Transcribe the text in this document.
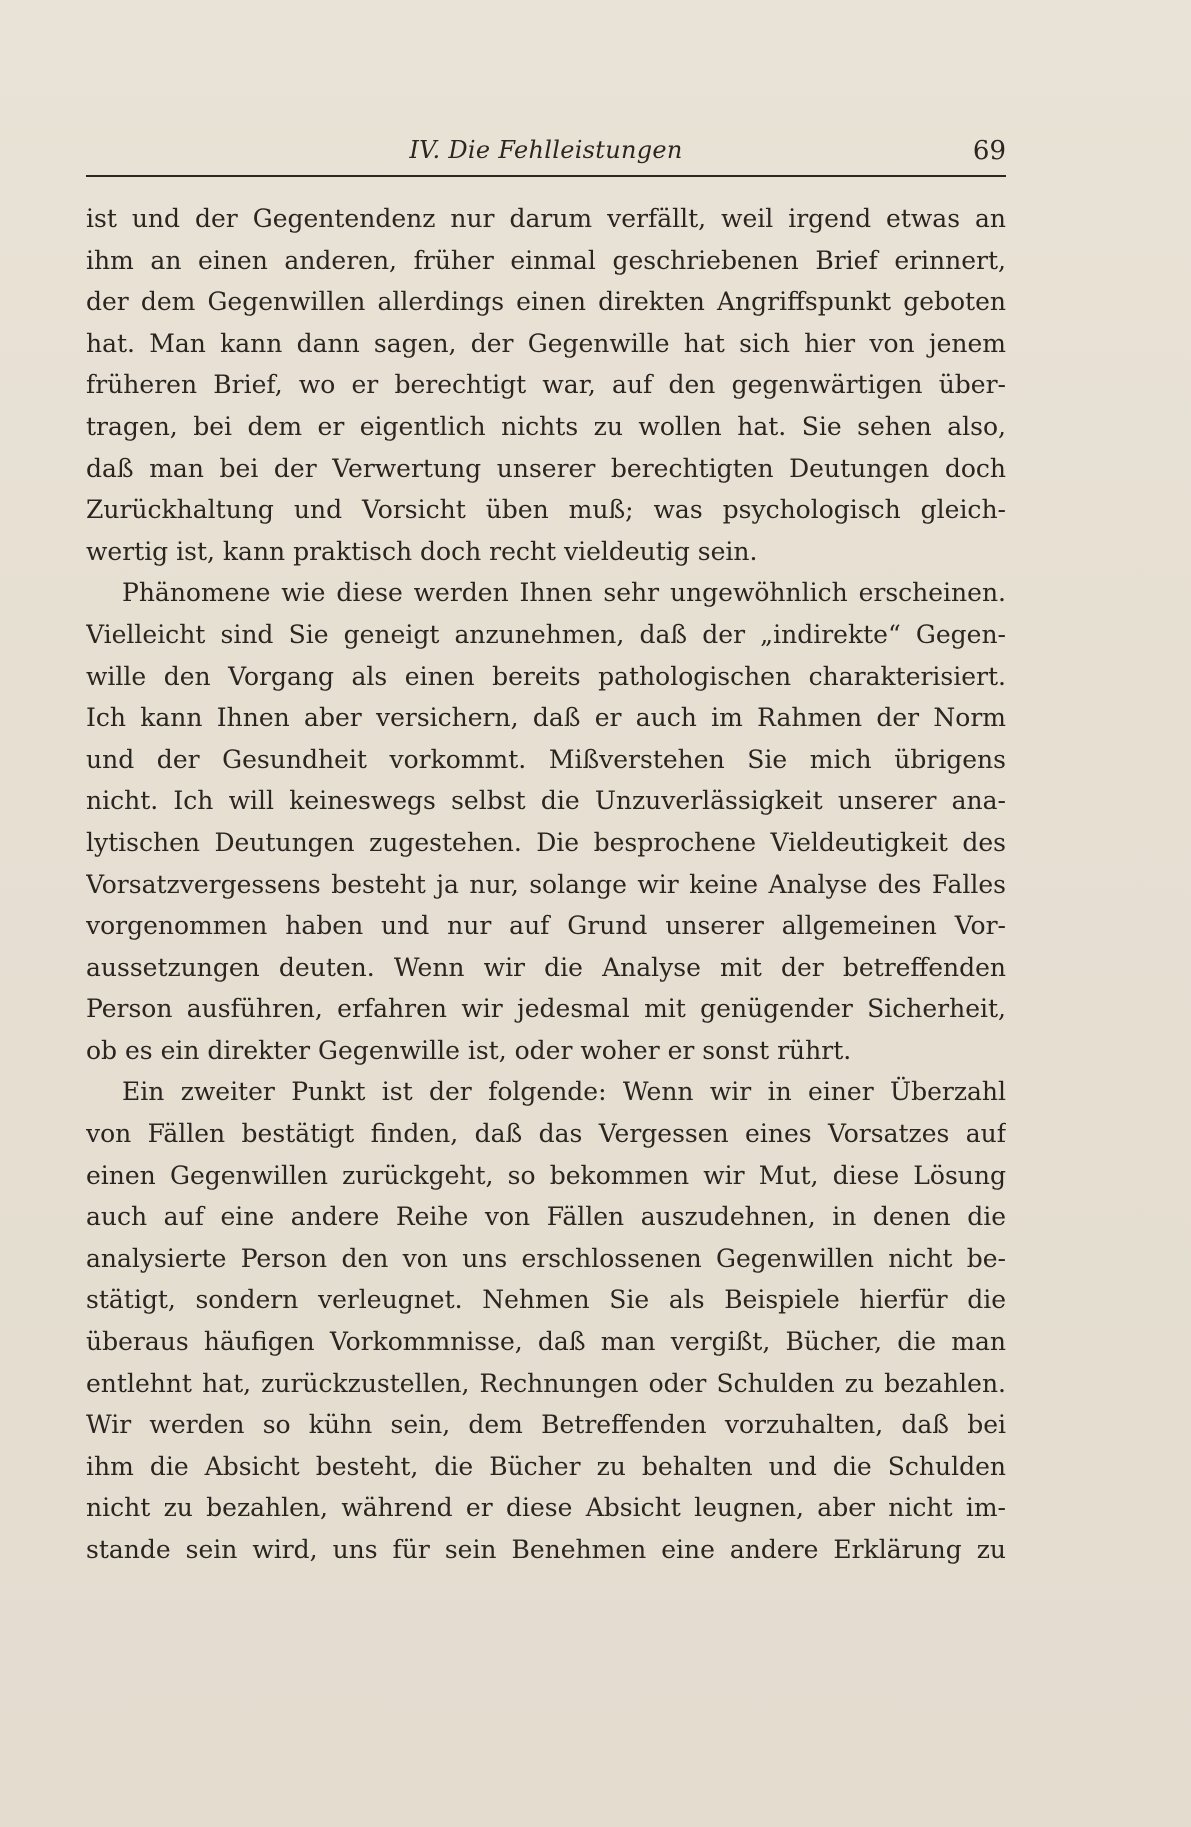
IV. Die Fehlleistungen	69
ist und der Gegentendenz nur darum verfällt, weil irgend etwas an
ihm an einen anderen, früher einmal geschriebenen Brief erinnert,
der dem Gegenwillen allerdings einen direkten Angriffspunkt geboten
hat. Man kann dann sagen, der Gegenwille hat sich hier von jenem
früheren Brief, wo er berechtigt war, auf den gegenwärtigen über-
tragen, bei dem er eigentlich nichts zu wollen hat. Sie sehen also,
daß man bei der Verwertung unserer berechtigten Deutungen doch
Zurückhaltung und Vorsicht üben muß; was psychologisch gleich-
wertig ist, kann praktisch doch recht vieldeutig sein.
Phänomene wie diese werden Ihnen sehr ungewöhnlich erscheinen.
Vielleicht sind Sie geneigt anzunehmen, daß der „indirekte“ Gegen-
wille den Vorgang als einen bereits pathologischen charakterisiert.
Ich kann Ihnen aber versichern, daß er auch im Rahmen der Norm
und der Gesundheit vorkommt. Mißverstehen Sie mich übrigens
nicht. Ich will keineswegs selbst die Unzuverlässigkeit unserer ana-
lytischen Deutungen zugestehen. Die besprochene Vieldeutigkeit des
Vorsatzvergessens besteht ja nur, solange wir keine Analyse des Falles
vorgenommen haben und nur auf Grund unserer allgemeinen Vor-
aussetzungen deuten. Wenn wir die Analyse mit der betreffenden
Person ausführen, erfahren wir jedesmal mit genügender Sicherheit,
ob es ein direkter Gegenwille ist, oder woher er sonst rührt.
Ein zweiter Punkt ist der folgende: Wenn wir in einer Überzahl
von Fällen bestätigt finden, daß das Vergessen eines Vorsatzes auf
einen Gegenwillen zurückgeht, so bekommen wir Mut, diese Lösung
auch auf eine andere Reihe von Fällen auszudehnen, in denen die
analysierte Person den von uns erschlossenen Gegenwillen nicht be-
stätigt, sondern verleugnet. Nehmen Sie als Beispiele hierfür die
überaus häufigen Vorkommnisse, daß man vergißt, Bücher, die man
entlehnt hat, zurückzustellen, Rechnungen oder Schulden zu bezahlen.
Wir werden so kühn sein, dem Betreffenden vorzuhalten, daß bei
ihm die Absicht besteht, die Bücher zu behalten und die Schulden
nicht zu bezahlen, während er diese Absicht leugnen, aber nicht im-
stande sein wird, uns für sein Benehmen eine andere Erklärung zu
